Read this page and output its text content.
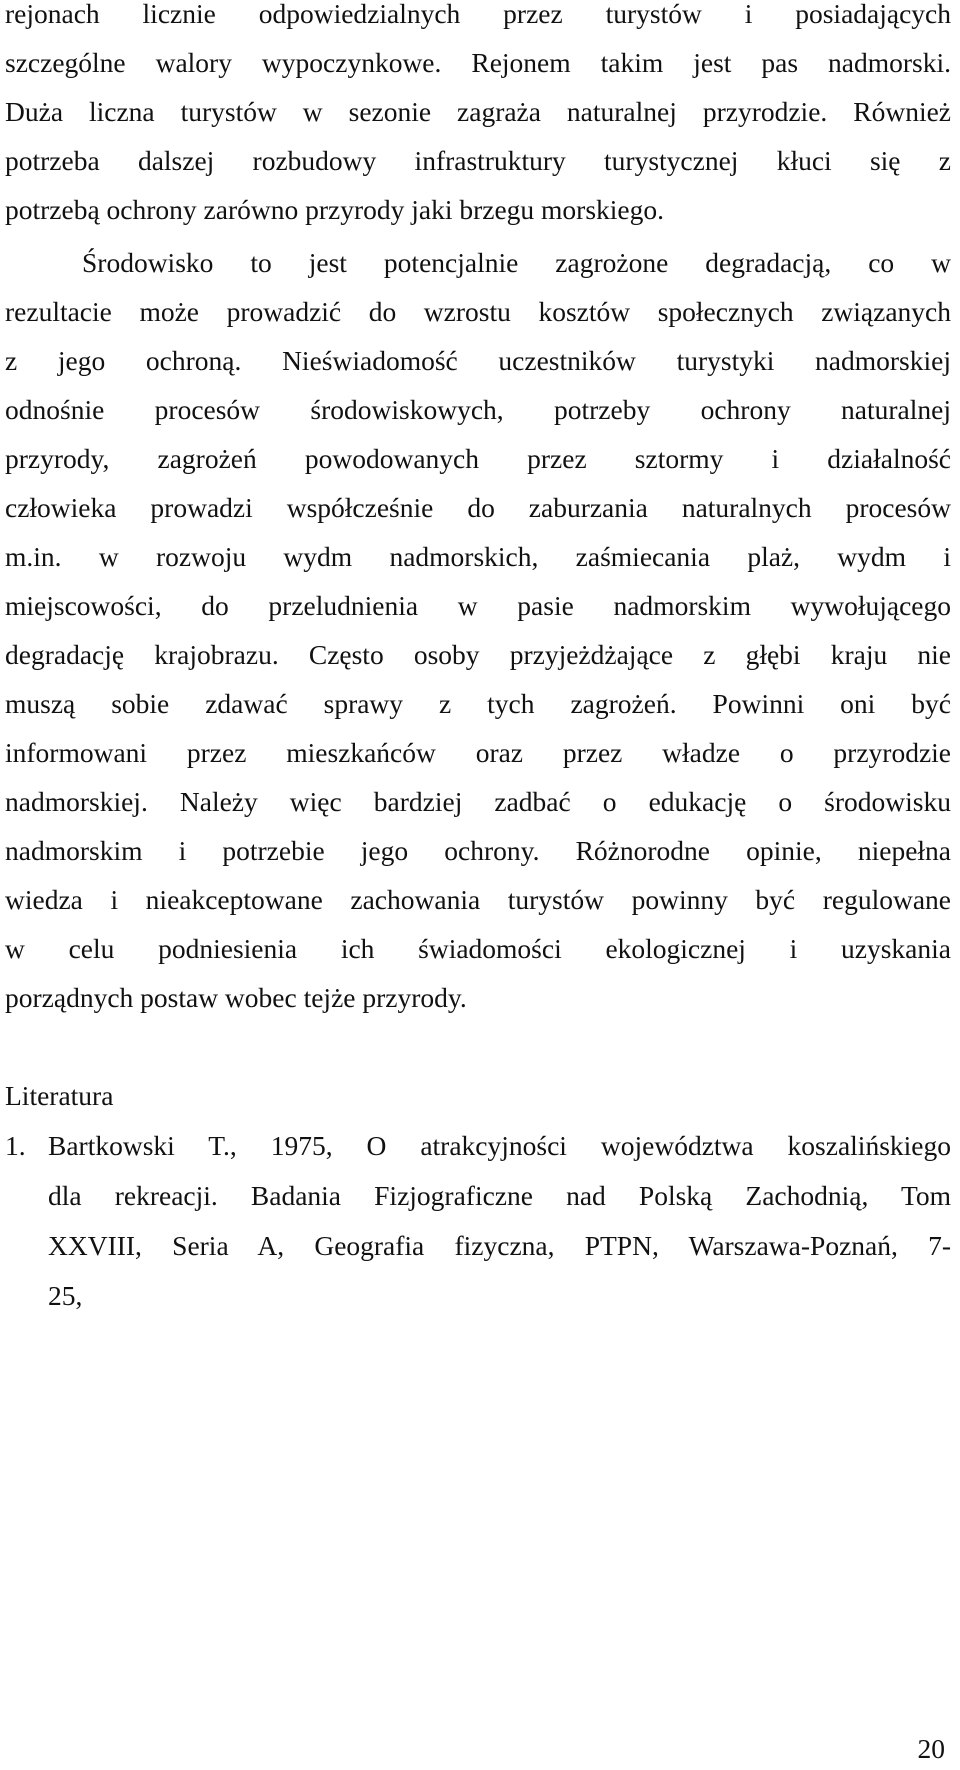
rejonach licznie odpowiedzialnych przez turystów i posiadających
szczególne walory wypoczynkowe. Rejonem takim jest pas nadmorski.
Duża liczna turystów w sezonie zagraża naturalnej przyrodzie. Również
potrzeba dalszej rozbudowy infrastruktury turystycznej kłuci się z
potrzebą ochrony zarówno przyrody jaki brzegu morskiego.
Środowisko to jest potencjalnie zagrożone degradacją, co w
rezultacie może prowadzić do wzrostu kosztów społecznych związanych
z jego ochroną. Nieświadomość uczestników turystyki nadmorskiej
odnośnie procesów środowiskowych, potrzeby ochrony naturalnej
przyrody, zagrożeń powodowanych przez sztormy i działalność
człowieka prowadzi współcześnie do zaburzania naturalnych procesów
m.in. w rozwoju wydm nadmorskich, zaśmiecania plaż, wydm i
miejscowości, do przeludnienia w pasie nadmorskim wywołującego
degradację krajobrazu. Często osoby przyjeżdżające z głębi kraju nie
muszą sobie zdawać sprawy z tych zagrożeń. Powinni oni być
informowani przez mieszkańców oraz przez władze o przyrodzie
nadmorskiej. Należy więc bardziej zadbać o edukację o środowisku
nadmorskim i potrzebie jego ochrony. Różnorodne opinie, niepełna
wiedza i nieakceptowane zachowania turystów powinny być regulowane
w celu podniesienia ich świadomości ekologicznej i uzyskania
porządnych postaw wobec tejże przyrody.
Literatura
1. Bartkowski T., 1975, O atrakcyjności województwa koszalińskiego
dla rekreacji. Badania Fizjograficzne nad Polską Zachodnią, Tom
XXVIII, Seria A, Geografia fizyczna, PTPN, Warszawa-Poznań, 7-
25,
20
